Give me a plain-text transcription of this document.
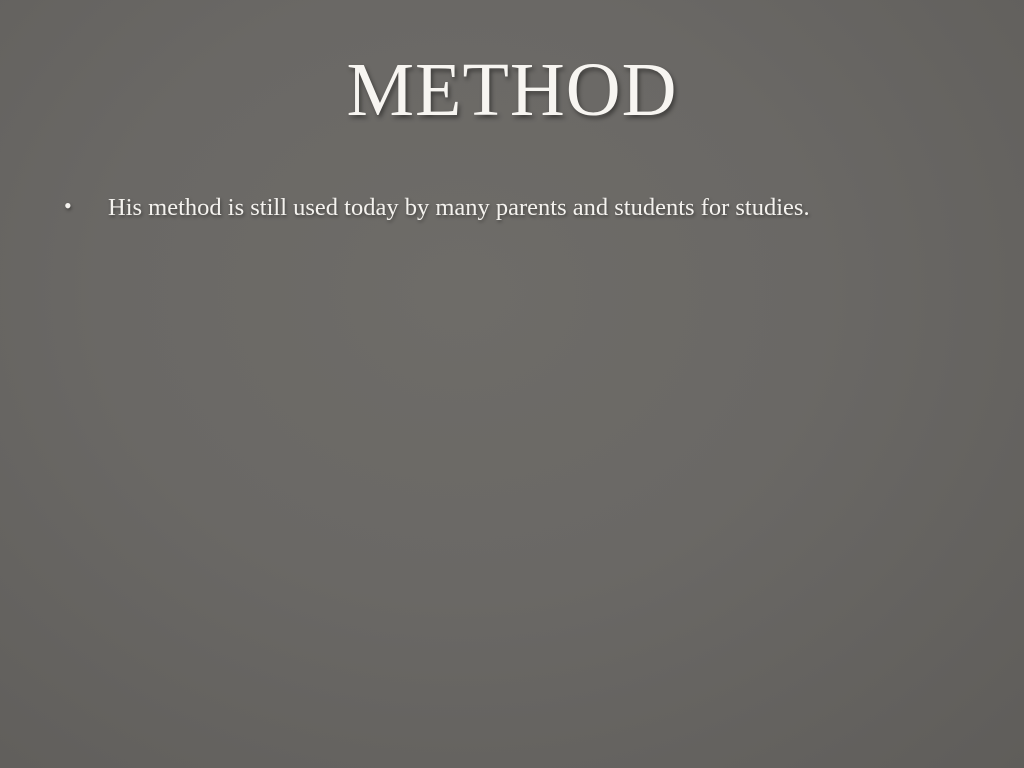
METHOD
•	His method is still used today by many parents and students for studies.
